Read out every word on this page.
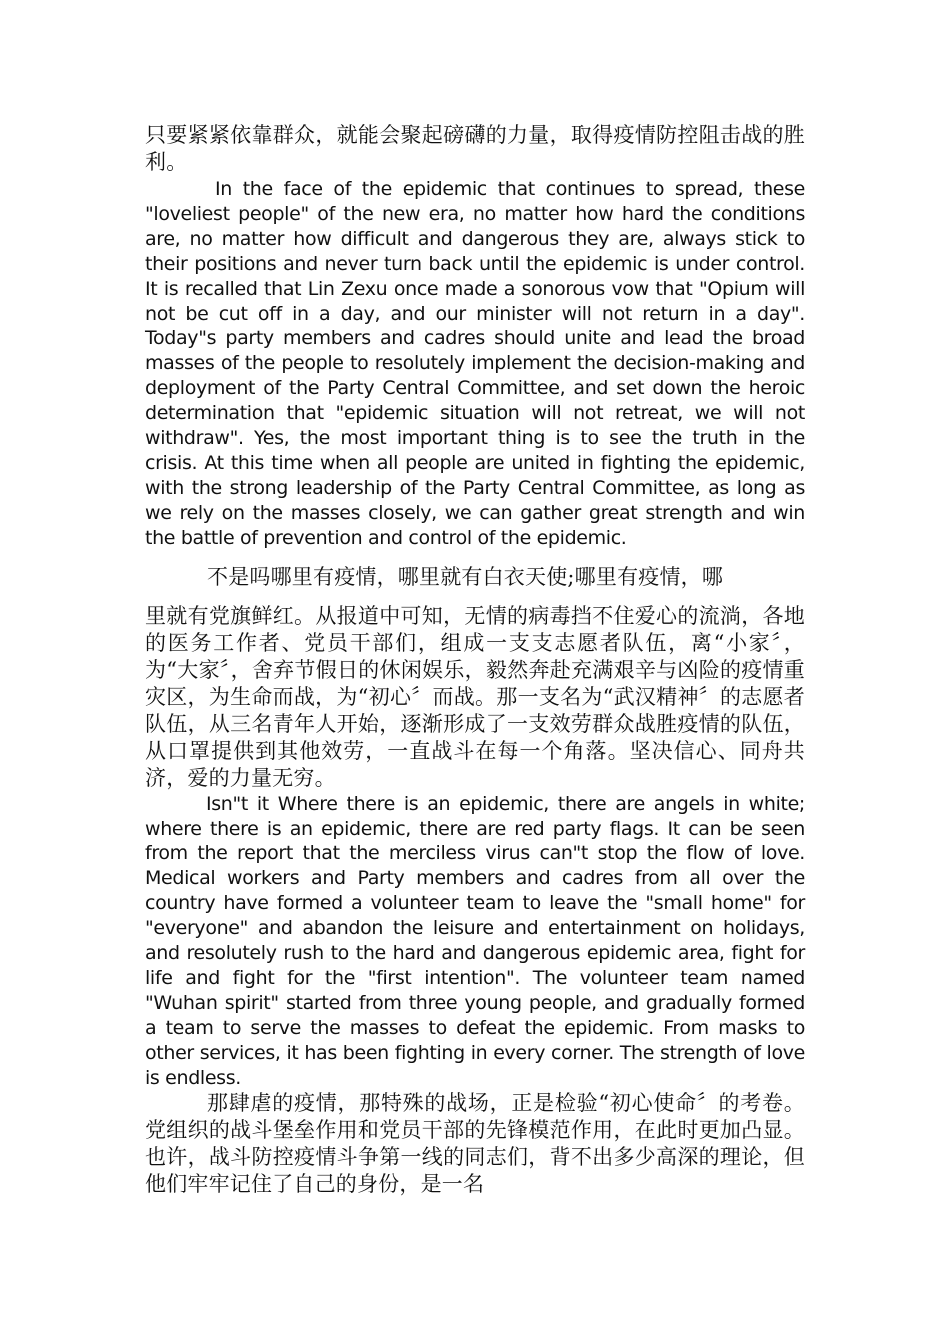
只要紧紧依靠群众，就能会聚起磅礴的力量，取得疫情防控阻击战的胜利。

In the face of the epidemic that continues to spread, these "loveliest people" of the new era, no matter how hard the conditions are, no matter how difficult and dangerous they are, always stick to their positions and never turn back until the epidemic is under control. It is recalled that Lin Zexu once made a sonorous vow that "Opium will not be cut off in a day, and our minister will not return in a day". Today"s party members and cadres should unite and lead the broad masses of the people to resolutely implement the decision-making and deployment of the Party Central Committee, and set down the heroic determination that "epidemic situation will not retreat, we will not withdraw". Yes, the most important thing is to see the truth in the crisis. At this time when all people are united in fighting the epidemic, with the strong leadership of the Party Central Committee, as long as we rely on the masses closely, we can gather great strength and win the battle of prevention and control of the epidemic.

不是吗哪里有疫情，哪里就有白衣天使;哪里有疫情，哪

里就有党旗鲜红。从报道中可知，无情的病毒挡不住爱心的流淌，各地的医务工作者、党员干部们，组成一支支志愿者队伍，离“小家〞，为“大家〞，舍弃节假日的休闲娱乐，毅然奔赴充满艰辛与凶险的疫情重灾区，为生命而战，为“初心〞而战。那一支名为“武汉精神〞的志愿者队伍，从三名青年人开始，逐渐形成了一支效劳群众战胜疫情的队伍，从口罩提供到其他效劳，一直战斗在每一个角落。坚决信心、同舟共济，爱的力量无穷。

Isn"t it Where there is an epidemic, there are angels in white; where there is an epidemic, there are red party flags. It can be seen from the report that the merciless virus can"t stop the flow of love. Medical workers and Party members and cadres from all over the country have formed a volunteer team to leave the "small home" for "everyone" and abandon the leisure and entertainment on holidays, and resolutely rush to the hard and dangerous epidemic area, fight for life and fight for the "first intention". The volunteer team named "Wuhan spirit" started from three young people, and gradually formed a team to serve the masses to defeat the epidemic. From masks to other services, it has been fighting in every corner. The strength of love is endless.

那肆虐的疫情，那特殊的战场，正是检验“初心使命〞的考卷。党组织的战斗堡垒作用和党员干部的先锋模范作用，在此时更加凸显。也许，战斗防控疫情斗争第一线的同志们，背不出多少高深的理论，但他们牢牢记住了自己的身份，是一名
